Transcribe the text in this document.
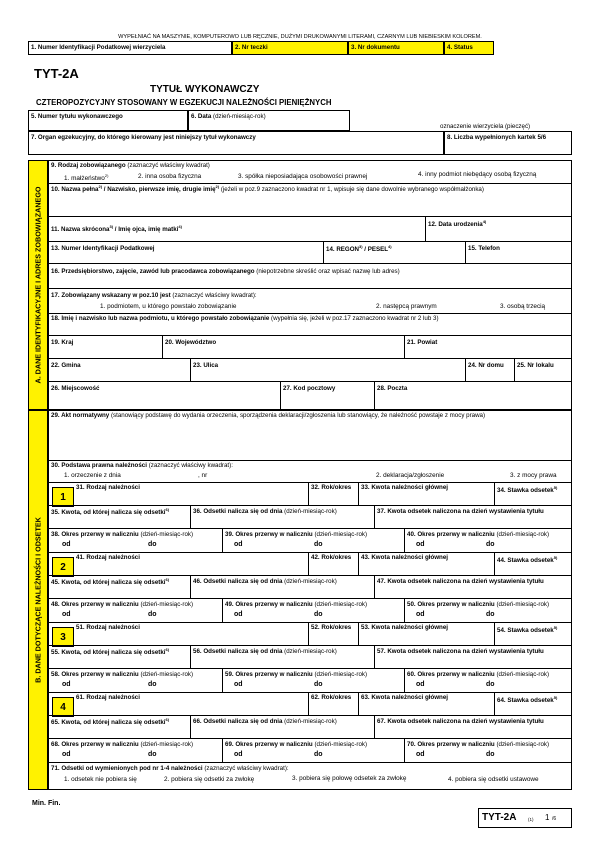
WYPEŁNIAĆ NA MASZYNIE, KOMPUTEROWO LUB RĘCZNIE, DUŻYMI DRUKOWANYMI LITERAMI, CZARNYM LUB NIEBIESKIM KOLOREM.
1. Numer Identyfikacji Podatkowej wierzyciela	2. Nr teczki	3. Nr dokumentu	4. Status
TYT-2A
TYTUŁ WYKONAWCZY
CZTEROPOZYCYJNY STOSOWANY W EGZEKUCJI NALEŻNOŚCI PIENIĘŻNYCH
5. Numer tytułu wykonawczego	6. Data (dzień-miesiąc-rok)
oznaczenie wierzyciela (pieczęć)
7. Organ egzekucyjny, do którego kierowany jest niniejszy tytuł wykonawczy	8. Liczba wypełnionych kartek 5/6
A. DANE IDENTYFIKACYJNE I ADRES ZOBOWIĄZANEGO
9. Rodzaj zobowiązanego (zaznaczyć właściwy kwadrat)
1. małżeństwo$^{2)}$	2. inna osoba fizyczna	3. spółka nieposiadająca osobowości prawnej	4. inny podmiot niebędący osobą fizyczną
10. Nazwa pełna$^{2)}$ / Nazwisko, pierwsze imię, drugie imię$^{2)}$ (jeżeli w poz.9 zaznaczono kwadrat nr 1, wpisuje się dane dowolnie wybranego współmałżonka)
11. Nazwa skrócona$^{3)}$ / Imię ojca, imię matki$^{4)}$	12. Data urodzenia$^{4)}$
13. Numer Identyfikacji Podatkowej	14. REGON$^{3)}$ / PESEL$^{4)}$	15. Telefon
16. Przedsiębiorstwo, zajęcie, zawód lub pracodawca zobowiązanego (niepotrzebne skreślić oraz wpisać nazwę lub adres)
17. Zobowiązany wskazany w poz.10 jest (zaznaczyć właściwy kwadrat):
1. podmiotem, u którego powstało zobowiązanie	2. następcą prawnym	3. osobą trzecią
18. Imię i nazwisko lub nazwa podmiotu, u którego powstało zobowiązanie (wypełnia się, jeżeli w poz.17 zaznaczono kwadrat nr 2 lub 3)
19. Kraj	20. Województwo	21. Powiat
22. Gmina	23. Ulica	24. Nr domu 25. Nr lokalu
26. Miejscowość	27. Kod pocztowy	28. Poczta
B. DANE DOTYCZĄCE NALEŻNOŚCI I ODSETEK
29. Akt normatywny (stanowiący podstawę do wydania orzeczenia, sporządzenia deklaracji/zgłoszenia lub stanowiący, że należność powstaje z mocy prawa)
30. Podstawa prawna należności (zaznaczyć właściwy kwadrat):
1. orzeczenie z dnia	, nr	2. deklaracja/zgłoszenie	3. z mocy prawa
1
31. Rodzaj należności	32. Rok/okres 33. Kwota należności głównej	34. Stawka odsetek$^{5)}$
35. Kwota, od której nalicza się odsetki$^{6)}$	36. Odsetki nalicza się od dnia (dzień-miesiąc-rok)	37. Kwota odsetek naliczona na dzień wystawienia tytułu
38. Okres przerwy w naliczniu (dzień-miesiąc-rok)
od	do
39. Okres przerwy w naliczniu (dzień-miesiąc-rok)
od	do
40. Okres przerwy w naliczniu (dzień-miesiąc-rok)
od	do
2
41. Rodzaj należności	42. Rok/okres 43. Kwota należności głównej	44. Stawka odsetek$^{5)}$
45. Kwota, od której nalicza się odsetki$^{6)}$	46. Odsetki nalicza się od dnia (dzień-miesiąc-rok)	47. Kwota odsetek naliczona na dzień wystawienia tytułu
48. Okres przerwy w naliczniu (dzień-miesiąc-rok)
od	do
49. Okres przerwy w naliczniu (dzień-miesiąc-rok)
od	do
50. Okres przerwy w naliczniu (dzień-miesiąc-rok)
od	do
3
51. Rodzaj należności	52. Rok/okres 53. Kwota należności głównej	54. Stawka odsetek$^{5)}$
55. Kwota, od której nalicza się odsetki$^{6)}$	56. Odsetki nalicza się od dnia (dzień-miesiąc-rok)	57. Kwota odsetek naliczona na dzień wystawienia tytułu
58. Okres przerwy w naliczniu (dzień-miesiąc-rok)
od	do
59. Okres przerwy w naliczniu (dzień-miesiąc-rok)
od	do
60. Okres przerwy w naliczniu (dzień-miesiąc-rok)
od	do
4
61. Rodzaj należności	62. Rok/okres 63. Kwota należności głównej	64. Stawka odsetek$^{5)}$
65. Kwota, od której nalicza się odsetki$^{6)}$	66. Odsetki nalicza się od dnia (dzień-miesiąc-rok)	67. Kwota odsetek naliczona na dzień wystawienia tytułu
68. Okres przerwy w naliczniu (dzień-miesiąc-rok)
od	do
69. Okres przerwy w naliczniu (dzień-miesiąc-rok)
od	do
70. Okres przerwy w naliczniu (dzień-miesiąc-rok)
od	do
71. Odsetki od wymienionych pod nr 1-4 należności (zaznaczyć właściwy kwadrat):
1. odsetek nie pobiera się	2. pobiera się odsetki za zwłokę	3. pobiera się połowę odsetek za zwłokę	4. pobiera się odsetki ustawowe
Min. Fin.
TYT-2A	(1) 1 /6
